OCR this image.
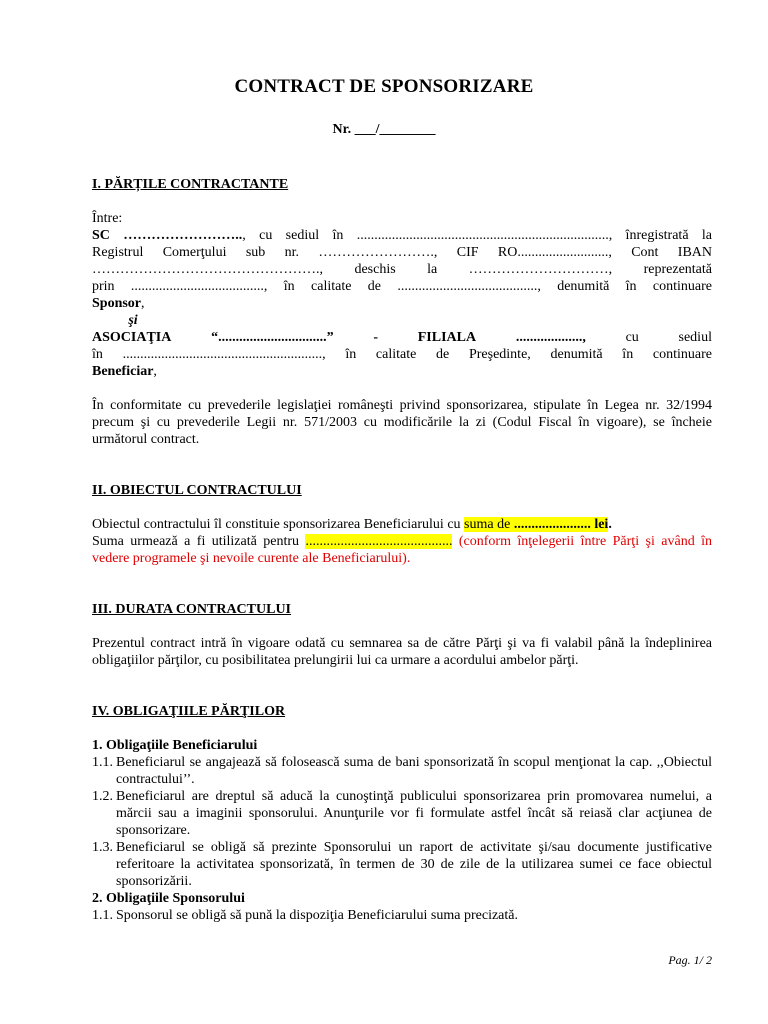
CONTRACT DE SPONSORIZARE
Nr. ___/________

I. PĂRȚILE CONTRACTANTE

Între:

SC …………………….., cu sediul în ........................................................................, înregistrată la

Registrul Comerţului sub nr. ……………………., CIF RO.........................., Cont IBAN

…………………………………………., deschis la …………………………, reprezentată

prin ......................................, în calitate de ........................................, denumită în continuare

Sponsor,

şi

ASOCIAŢIA	“...............................”	-	FILIALA	...................,	cu	sediul

în ........................................................., în calitate de Preşedinte, denumită în continuare

Beneficiar,

În conformitate cu prevederile legislaţiei româneşti privind sponsorizarea, stipulate în Legea nr. 32/1994 precum şi cu prevederile Legii nr. 571/2003 cu modificările la zi (Codul Fiscal în vigoare), se încheie următorul contract.

II. OBIECTUL CONTRACTULUI

Obiectul contractului îl constituie sponsorizarea Beneficiarului cu suma de ...................... lei.

Suma urmează a fi utilizată pentru .......................................... (conform înţelegerii între Părţi şi având în vedere programele şi nevoile curente ale Beneficiarului).

III. DURATA CONTRACTULUI

Prezentul contract intră în vigoare odată cu semnarea sa de către Părţi şi va fi valabil până la îndeplinirea obligaţiilor părţilor, cu posibilitatea prelungirii lui ca urmare a acordului ambelor părţi.

IV. OBLIGAŢIILE PĂRŢILOR

1. Obligaţiile Beneficiarului

1.1. Beneficiarul se angajează să folosească suma de bani sponsorizată în scopul menţionat la cap. ,,Obiectul contractului’’.
1.2. Beneficiarul are dreptul să aducă la cunoştinţă publicului sponsorizarea prin promovarea numelui, a mărcii sau a imaginii sponsorului. Anunţurile vor fi formulate astfel încât să reiasă clar acţiunea de sponsorizare.
1.3. Beneficiarul se obligă să prezinte Sponsorului un raport de activitate şi/sau documente justificative referitoare la activitatea sponsorizată, în termen de 30 de zile de la utilizarea sumei ce face obiectul sponsorizării.

2. Obligaţiile Sponsorului

1.1. Sponsorul se obligă să pună la dispoziţia Beneficiarului suma precizată.
Pag. 1/ 2
